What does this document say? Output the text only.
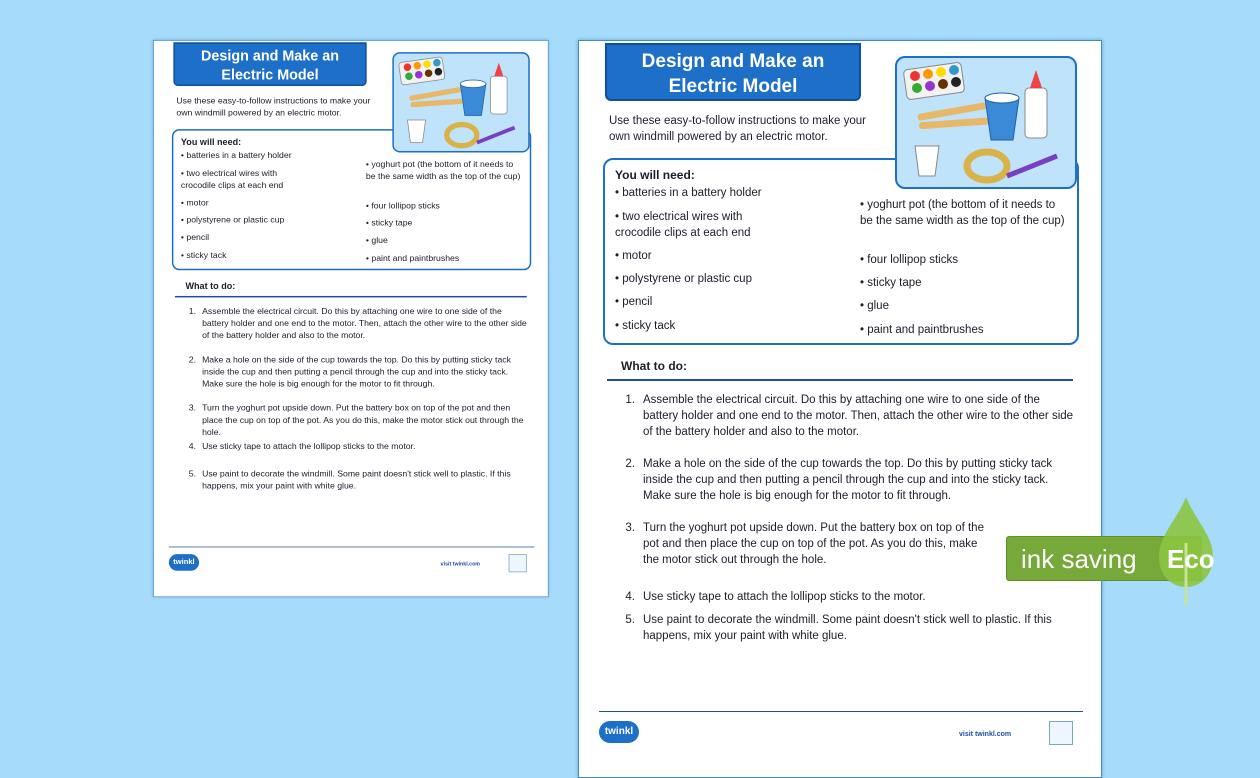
Design and Make an
Electric Model
Use these easy-to-follow instructions to make your own windmill powered by an electric motor.
You will need:
• batteries in a battery holder
• two electrical wires with crocodile clips at each end
• motor
• polystyrene or plastic cup
• pencil
• sticky tack
• yoghurt pot (the bottom of it needs to be the same width as the top of the cup)
• four lollipop sticks
• sticky tape
• glue
• paint and paintbrushes
What to do:
1. Assemble the electrical circuit. Do this by attaching one wire to one side of the battery holder and one end to the motor. Then, attach the other wire to the other side of the battery holder and also to the motor.
2. Make a hole on the side of the cup towards the top. Do this by putting sticky tack inside the cup and then putting a pencil through the cup and into the sticky tack. Make sure the hole is big enough for the motor to fit through.
3. Turn the yoghurt pot upside down. Put the battery box on top of the pot and then place the cup on top of the pot. As you do this, make the motor stick out through the hole.
4. Use sticky tape to attach the lollipop sticks to the motor.
5. Use paint to decorate the windmill. Some paint doesn't stick well to plastic. If this happens, mix your paint with white glue.
twinkl	visit twinkl.com
Design and Make an
Electric Model
Use these easy-to-follow instructions to make your own windmill powered by an electric motor.
You will need:
• batteries in a battery holder
• two electrical wires with crocodile clips at each end
• motor
• polystyrene or plastic cup
• pencil
• sticky tack
• yoghurt pot (the bottom of it needs to be the same width as the top of the cup)
• four lollipop sticks
• sticky tape
• glue
• paint and paintbrushes
What to do:
1. Assemble the electrical circuit. Do this by attaching one wire to one side of the battery holder and one end to the motor. Then, attach the other wire to the other side of the battery holder and also to the motor.
2. Make a hole on the side of the cup towards the top. Do this by putting sticky tack inside the cup and then putting a pencil through the cup and into the sticky tack. Make sure the hole is big enough for the motor to fit through.
3. Turn the yoghurt pot upside down. Put the battery box on top of the pot and then place the cup on top of the pot. As you do this, make the motor stick out through the hole.
4. Use sticky tape to attach the lollipop sticks to the motor.
5. Use paint to decorate the windmill. Some paint doesn't stick well to plastic. If this happens, mix your paint with white glue.
twinkl	visit twinkl.com
ink saving Eco
